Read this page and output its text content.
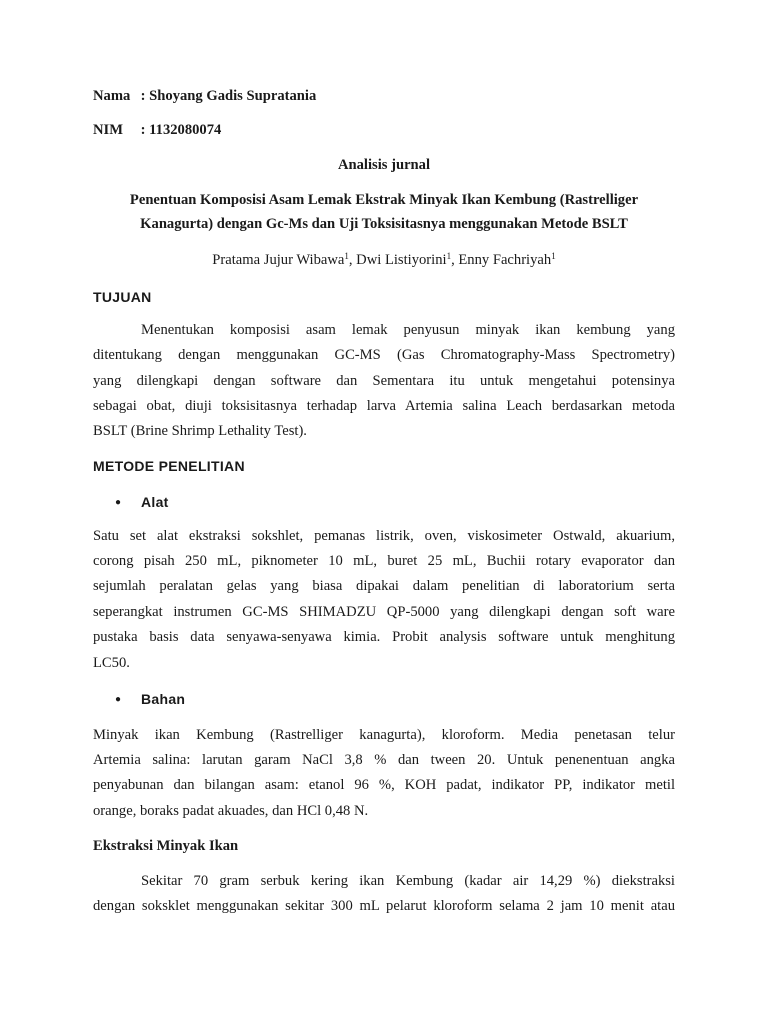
Nama : Shoyang Gadis Supratania
NIM : 1132080074
Analisis jurnal
Penentuan Komposisi Asam Lemak Ekstrak Minyak Ikan Kembung (Rastrelliger
Kanagurta) dengan Gc-Ms dan Uji Toksisitasnya menggunakan Metode BSLT
Pratama Jujur Wibawa$^1$, Dwi Listiyorini$^1$, Enny Fachriyah$^1$
TUJUAN
Menentukan komposisi asam lemak penyusun minyak ikan kembung yang
ditentukang dengan menggunakan GC-MS (Gas Chromatography-Mass Spectrometry)
yang dilengkapi dengan software dan Sementara itu untuk mengetahui potensinya
sebagai obat, diuji toksisitasnya terhadap larva Artemia salina Leach berdasarkan metoda
BSLT (Brine Shrimp Lethality Test).
METODE PENELITIAN
● Alat
Satu set alat ekstraksi sokshlet, pemanas listrik, oven, viskosimeter Ostwald, akuarium,
corong pisah 250 mL, piknometer 10 mL, buret 25 mL, Buchii rotary evaporator dan
sejumlah peralatan gelas yang biasa dipakai dalam penelitian di laboratorium serta
seperangkat instrumen GC-MS SHIMADZU QP-5000 yang dilengkapi dengan soft ware
pustaka basis data senyawa-senyawa kimia. Probit analysis software untuk menghitung
LC50.
● Bahan
Minyak ikan Kembung (Rastrelliger kanagurta), kloroform. Media penetasan telur
Artemia salina: larutan garam NaCl 3,8 % dan tween 20. Untuk penenentuan angka
penyabunan dan bilangan asam: etanol 96 %, KOH padat, indikator PP, indikator metil
orange, boraks padat akuades, dan HCl 0,48 N.
Ekstraksi Minyak Ikan
Sekitar 70 gram serbuk kering ikan Kembung (kadar air 14,29 %) diekstraksi
dengan soksklet menggunakan sekitar 300 mL pelarut kloroform selama 2 jam 10 menit atau
